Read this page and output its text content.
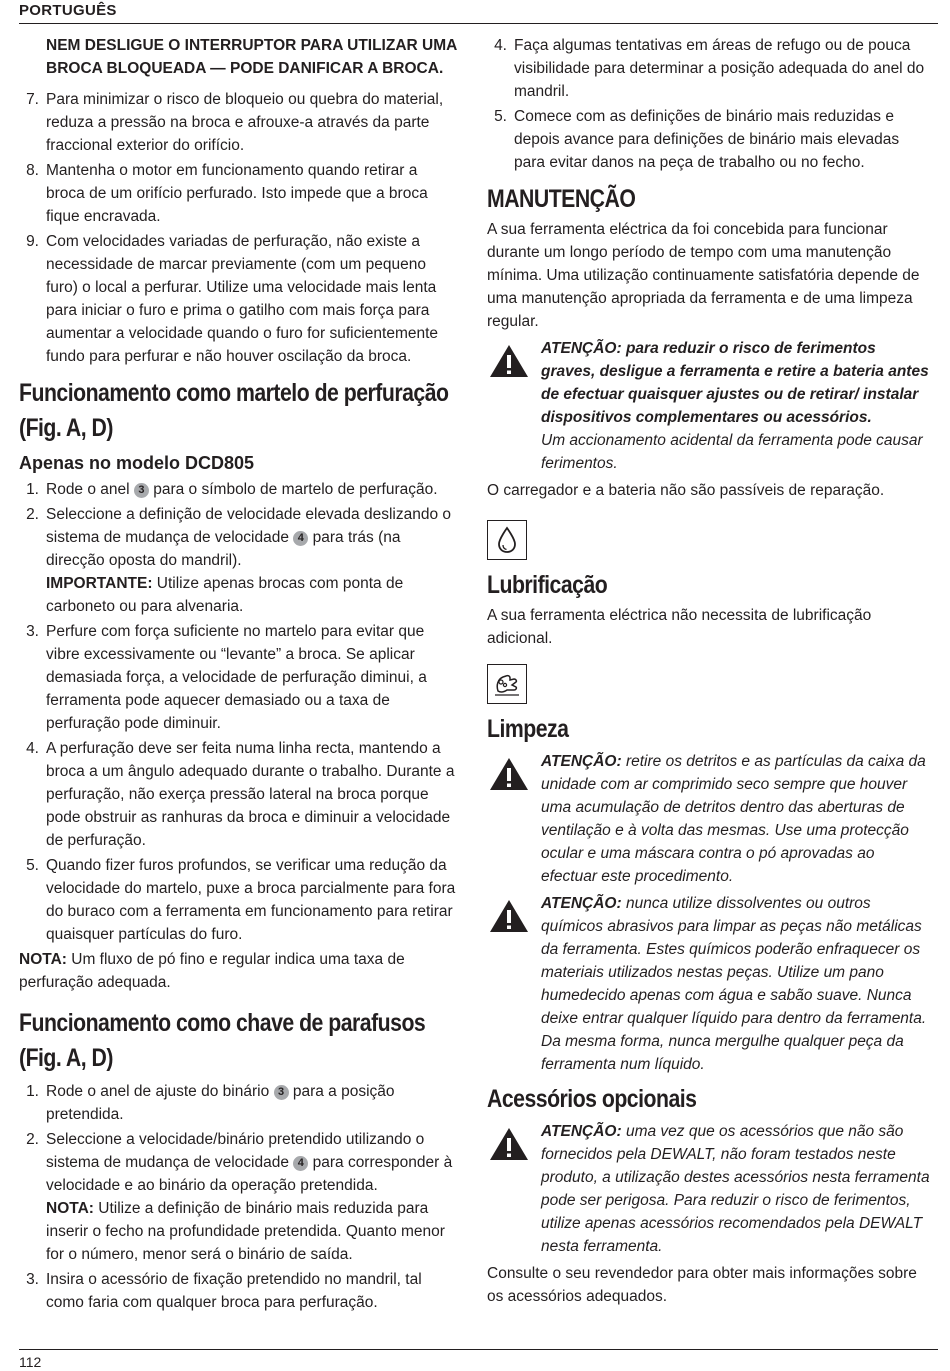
PORTUGUÊS

NEM DESLIGUE O INTERRUPTOR PARA UTILIZAR UMA BROCA BLOQUEADA — PODE DANIFICAR A BROCA.

7. Para minimizar o risco de bloqueio ou quebra do material, reduza a pressão na broca e afrouxe-a através da parte fraccional exterior do orifício.
8. Mantenha o motor em funcionamento quando retirar a broca de um orifício perfurado. Isto impede que a broca fique encravada.
9. Com velocidades variadas de perfuração, não existe a necessidade de marcar previamente (com um pequeno furo) o local a perfurar. Utilize uma velocidade mais lenta para iniciar o furo e prima o gatilho com mais força para aumentar a velocidade quando o furo for suficientemente fundo para perfurar e não houver oscilação da broca.
Funcionamento como martelo de perfuração
(Fig. A, D)
Apenas no modelo DCD805
1. Rode o anel 3 para o símbolo de martelo de perfuração.
2. Seleccione a definição de velocidade elevada deslizando o sistema de mudança de velocidade 4 para trás (na direcção oposta do mandril).
IMPORTANTE: Utilize apenas brocas com ponta de carboneto ou para alvenaria.
3. Perfure com força suficiente no martelo para evitar que vibre excessivamente ou “levante” a broca. Se aplicar demasiada força, a velocidade de perfuração diminui, a ferramenta pode aquecer demasiado ou a taxa de perfuração pode diminuir.
4. A perfuração deve ser feita numa linha recta, mantendo a broca a um ângulo adequado durante o trabalho. Durante a perfuração, não exerça pressão lateral na broca porque pode obstruir as ranhuras da broca e diminuir a velocidade de perfuração.
5. Quando fizer furos profundos, se verificar uma redução da velocidade do martelo, puxe a broca parcialmente para fora do buraco com a ferramenta em funcionamento para retirar quaisquer partículas do furo.

NOTA: Um fluxo de pó fino e regular indica uma taxa de perfuração adequada.

Funcionamento como chave de parafusos
(Fig. A, D)
1. Rode o anel de ajuste do binário 3 para a posição pretendida.
2. Seleccione a velocidade/binário pretendido utilizando o sistema de mudança de velocidade 4 para corresponder à velocidade e ao binário da operação pretendida.
NOTA: Utilize a definição de binário mais reduzida para inserir o fecho na profundidade pretendida. Quanto menor for o número, menor será o binário de saída.
3. Insira o acessório de fixação pretendido no mandril, tal como faria com qualquer broca para perfuração.
4. Faça algumas tentativas em áreas de refugo ou de pouca visibilidade para determinar a posição adequada do anel do mandril.
5. Comece com as definições de binário mais reduzidas e depois avance para definições de binário mais elevadas para evitar danos na peça de trabalho ou no fecho.
MANUTENÇÃO

A sua ferramenta eléctrica da foi concebida para funcionar durante um longo período de tempo com uma manutenção mínima. Uma utilização continuamente satisfatória depende de uma manutenção apropriada da ferramenta e de uma limpeza regular.

ATENÇÃO: para reduzir o risco de ferimentos graves, desligue a ferramenta e retire a bateria antes de efectuar quaisquer ajustes ou de retirar/ instalar dispositivos complementares ou acessórios.
Um accionamento acidental da ferramenta pode causar ferimentos.

O carregador e a bateria não são passíveis de reparação.

Lubrificação

A sua ferramenta eléctrica não necessita de lubrificação adicional.

Limpeza
ATENÇÃO: retire os detritos e as partículas da caixa da unidade com ar comprimido seco sempre que houver uma acumulação de detritos dentro das aberturas de ventilação e à volta das mesmas. Use uma protecção ocular e uma máscara contra o pó aprovadas ao efectuar este procedimento.
ATENÇÃO: nunca utilize dissolventes ou outros químicos abrasivos para limpar as peças não metálicas da ferramenta. Estes químicos poderão enfraquecer os materiais utilizados nestas peças. Utilize um pano humedecido apenas com água e sabão suave. Nunca deixe entrar qualquer líquido para dentro da ferramenta. Da mesma forma, nunca mergulhe qualquer peça da ferramenta num líquido.
Acessórios opcionais
ATENÇÃO: uma vez que os acessórios que não são fornecidos pela DEWALT, não foram testados neste produto, a utilização destes acessórios nesta ferramenta pode ser perigosa. Para reduzir o risco de ferimentos, utilize apenas acessórios recomendados pela DEWALT nesta ferramenta.

Consulte o seu revendedor para obter mais informações sobre os acessórios adequados.

112
